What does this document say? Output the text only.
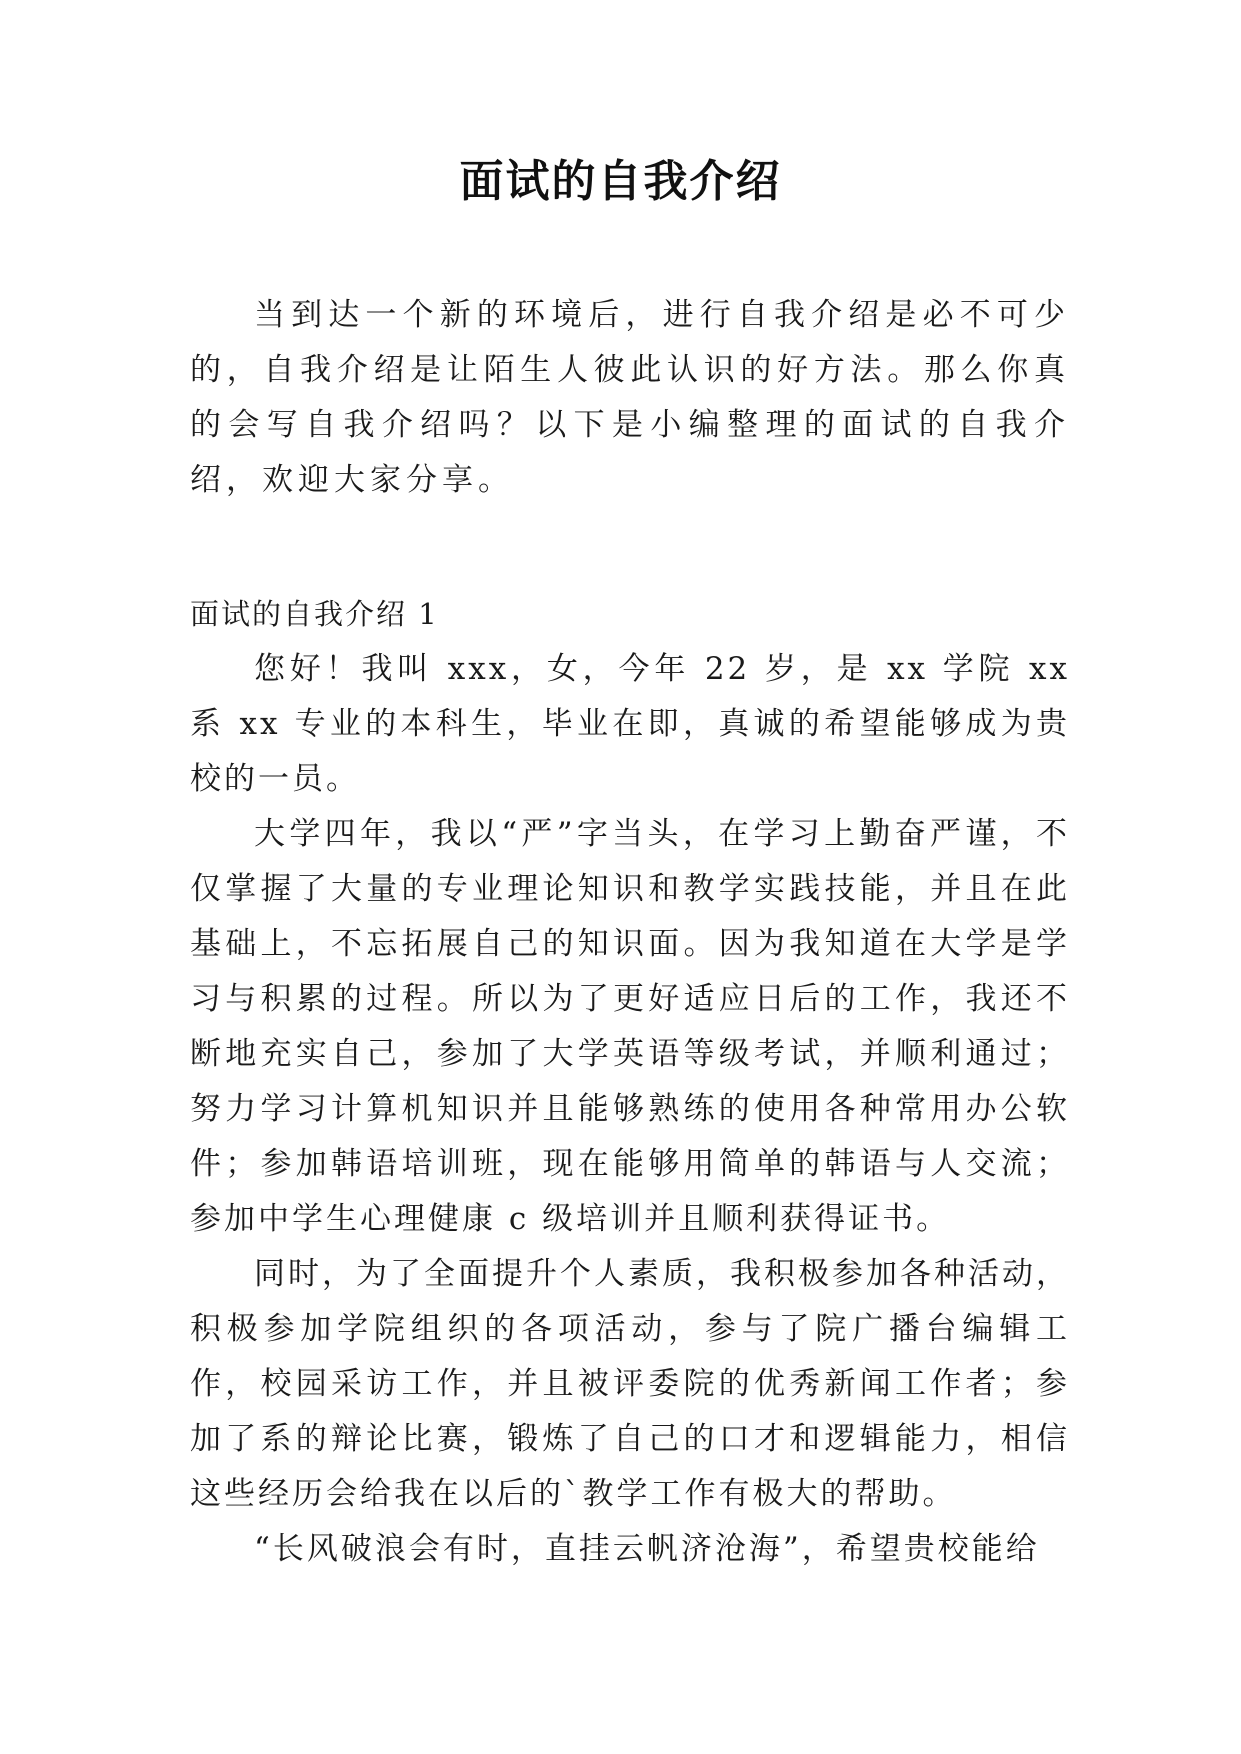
面试的自我介绍

当到达一个新的环境后，进行自我介绍是必不可少的，自我介绍是让陌生人彼此认识的好方法。那么你真的会写自我介绍吗？以下是小编整理的面试的自我介绍，欢迎大家分享。

面试的自我介绍 1

您好！我叫 xxx，女，今年 22 岁，是 xx 学院 xx 系 xx 专业的本科生，毕业在即，真诚的希望能够成为贵校的一员。

大学四年，我以“严”字当头，在学习上勤奋严谨，不仅掌握了大量的专业理论知识和教学实践技能，并且在此基础上，不忘拓展自己的知识面。因为我知道在大学是学习与积累的过程。所以为了更好适应日后的工作，我还不断地充实自己，参加了大学英语等级考试，并顺利通过；努力学习计算机知识并且能够熟练的使用各种常用办公软件；参加韩语培训班，现在能够用简单的韩语与人交流；参加中学生心理健康 c 级培训并且顺利获得证书。

同时，为了全面提升个人素质，我积极参加各种活动，积极参加学院组织的各项活动，参与了院广播台编辑工作，校园采访工作，并且被评委院的优秀新闻工作者；参加了系的辩论比赛，锻炼了自己的口才和逻辑能力，相信这些经历会给我在以后的`教学工作有极大的帮助。

“长风破浪会有时，直挂云帆济沧海”，希望贵校能给
